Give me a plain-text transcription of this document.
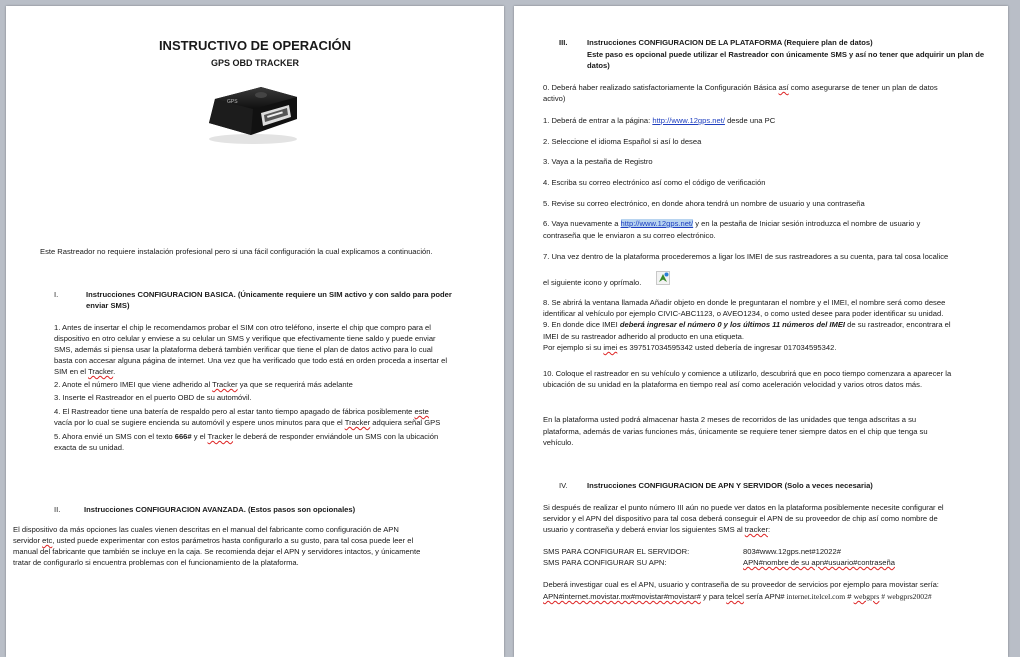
INSTRUCTIVO DE OPERACIÓN
GPS OBD TRACKER
GPS
Este Rastreador no requiere instalación profesional pero si una fácil configuración la cual explicamos a continuación.
I.	Instrucciones CONFIGURACION BASICA. (Únicamente requiere un SIM activo y con saldo para poder
enviar SMS)
1. Antes de insertar el chip le recomendamos probar el SIM con otro teléfono, inserte el chip que compro para el
dispositivo en otro celular y enviese a su celular un SMS y verifique que efectivamente tiene saldo y puede enviar
SMS, además si piensa usar la plataforma deberá también verificar que tiene el plan de datos activo para lo cual
basta con accesar alguna página de internet. Una vez que ha verificado que todo está en orden proceda a insertar el
SIM en el Tracker.
2. Anote el número IMEI que viene adherido al Tracker ya que se requerirá más adelante
3. Inserte el Rastreador en el puerto OBD de su automóvil.
4. El Rastreador tiene una batería de respaldo pero al estar tanto tiempo apagado de fábrica posiblemente este
vacía por lo cual se sugiere encienda su automóvil y espere unos minutos para que el Tracker adquiera señal GPS
5. Ahora envié un SMS con el texto 666# y el Tracker le deberá de responder enviándole un SMS con la ubicación
exacta de su unidad.
II.	Instrucciones CONFIGURACION AVANZADA. (Estos pasos son opcionales)
El dispositivo da más opciones las cuales vienen descritas en el manual del fabricante como configuración de APN
servidor etc, usted puede experimentar con estos parámetros hasta configurarlo a su gusto, para tal cosa puede leer el
manual del fabricante que también se incluye en la caja. Se recomienda dejar el APN y servidores intactos, y únicamente
tratar de configurarlo si encuentra problemas con el funcionamiento de la plataforma.
III.	Instrucciones CONFIGURACION DE LA PLATAFORMA (Requiere plan de datos)
Este paso es opcional puede utilizar el Rastreador con únicamente SMS y así no tener que adquirir un plan de
datos)
0. Deberá haber realizado satisfactoriamente la Configuración Básica así como asegurarse de tener un plan de datos
activo)
1. Deberá de entrar a la página: http://www.12gps.net/ desde una PC
2. Seleccione el idioma Español si así lo desea
3. Vaya a la pestaña de Registro
4. Escriba su correo electrónico así como el código de verificación
5. Revise su correo electrónico, en donde ahora tendrá un nombre de usuario y una contraseña
6. Vaya nuevamente a http://www.12gps.net/ y en la pestaña de Iniciar sesión introduzca el nombre de usuario y
contraseña que le enviaron a su correo electrónico.
7. Una vez dentro de la plataforma procederemos a ligar los IMEI de sus rastreadores a su cuenta, para tal cosa localice
el siguiente icono y oprímalo.
8. Se abrirá la ventana llamada Añadir objeto en donde le preguntaran el nombre y el IMEI, el nombre será como desee
identificar al vehículo por ejemplo CIVIC-ABC1123, o AVEO1234, o como usted desee para poder identificar su unidad.
9. En donde dice IMEI deberá ingresar el número 0 y los últimos 11 números del IMEI de su rastreador, encontrara el
IMEI de su rastreador adherido al producto en una etiqueta.
Por ejemplo si su imei es 397517034595342 usted debería de ingresar 017034595342.
10. Coloque el rastreador en su vehículo y comience a utilizarlo, descubrirá que en poco tiempo comenzara a aparecer la
ubicación de su unidad en la plataforma en tiempo real así como aceleración velocidad y varios otros datos más.
En la plataforma usted podrá almacenar hasta 2 meses de recorridos de las unidades que tenga adscritas a su
plataforma, además de varias funciones más, únicamente se requiere tener siempre datos en el chip que tenga su
vehículo.
IV.	Instrucciones CONFIGURACION DE APN Y SERVIDOR (Solo a veces necesaria)
Si después de realizar el punto número III aún no puede ver datos en la plataforma posiblemente necesite configurar el
servidor y el APN del dispositivo para tal cosa deberá conseguir el APN de su proveedor de chip así como nombre de
usuario y contraseña y deberá enviar los siguientes SMS al tracker:
SMS PARA CONFIGURAR EL SERVIDOR:	803#www.12gps.net#12022#
SMS PARA CONFIGURAR SU APN:	APN#nombre de su apn#usuario#contraseña
Deberá investigar cual es el APN, usuario y contraseña de su proveedor de servicios por ejemplo para movistar sería:
APN#internet.movistar.mx#movistar#movistar# y para telcel sería APN# internet.itelcel.com # webgprs # webgprs2002#
